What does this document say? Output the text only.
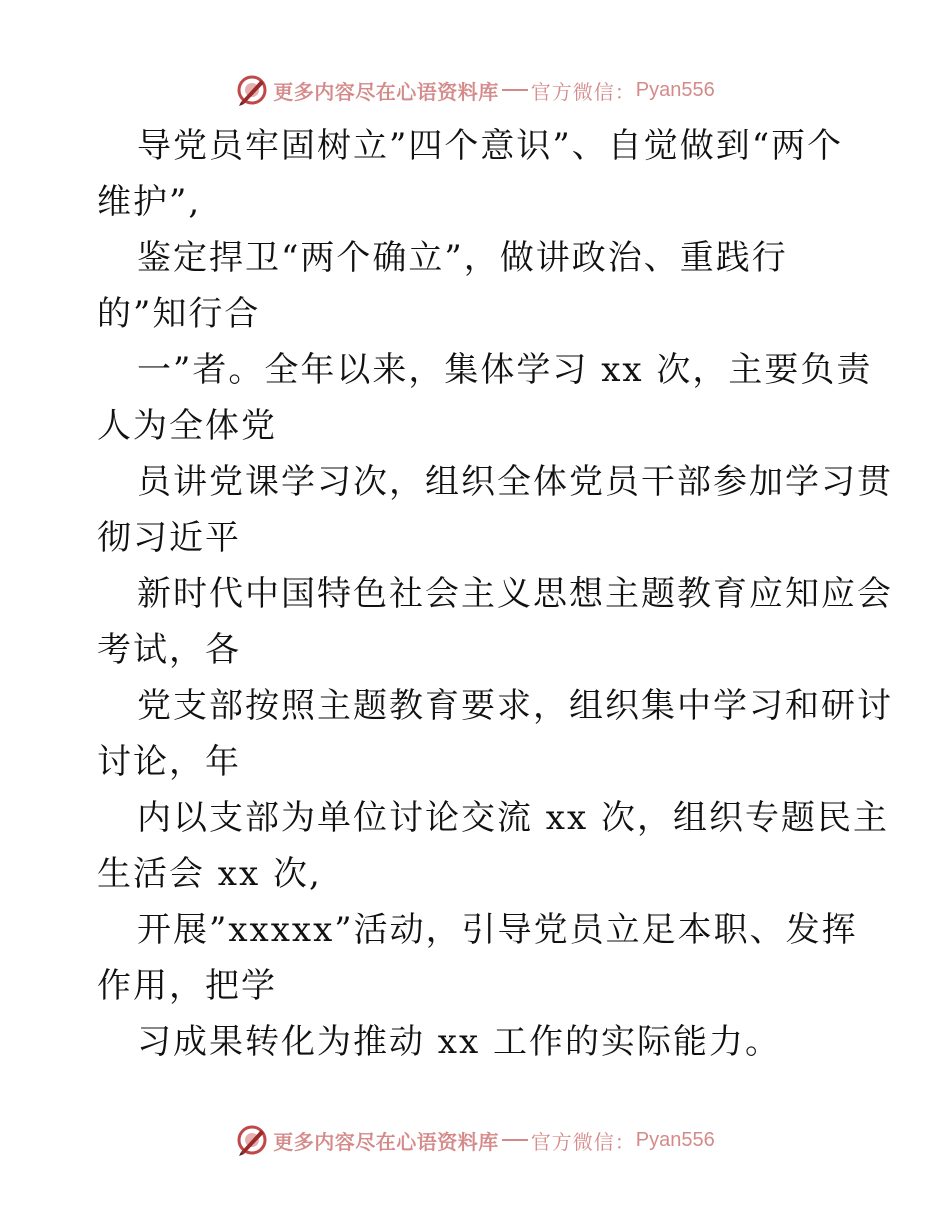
更多内容尽在心语资料库 官方微信： Pyan556
导党员牢固树立”四个意识”、自觉做到“两个
维护”,
鉴定捍卫“两个确立”，做讲政治、重践行
的”知行合
一”者。全年以来，集体学习 xx 次，主要负责
人为全体党
员讲党课学习次，组织全体党员干部参加学习贯
彻习近平
新时代中国特色社会主义思想主题教育应知应会
考试，各
党支部按照主题教育要求，组织集中学习和研讨
讨论，年
内以支部为单位讨论交流 xx 次，组织专题民主
生活会 xx 次,
开展”xxxxx”活动，引导党员立足本职、发挥
作用，把学
习成果转化为推动 xx 工作的实际能力。
更多内容尽在心语资料库 官方微信： Pyan556
